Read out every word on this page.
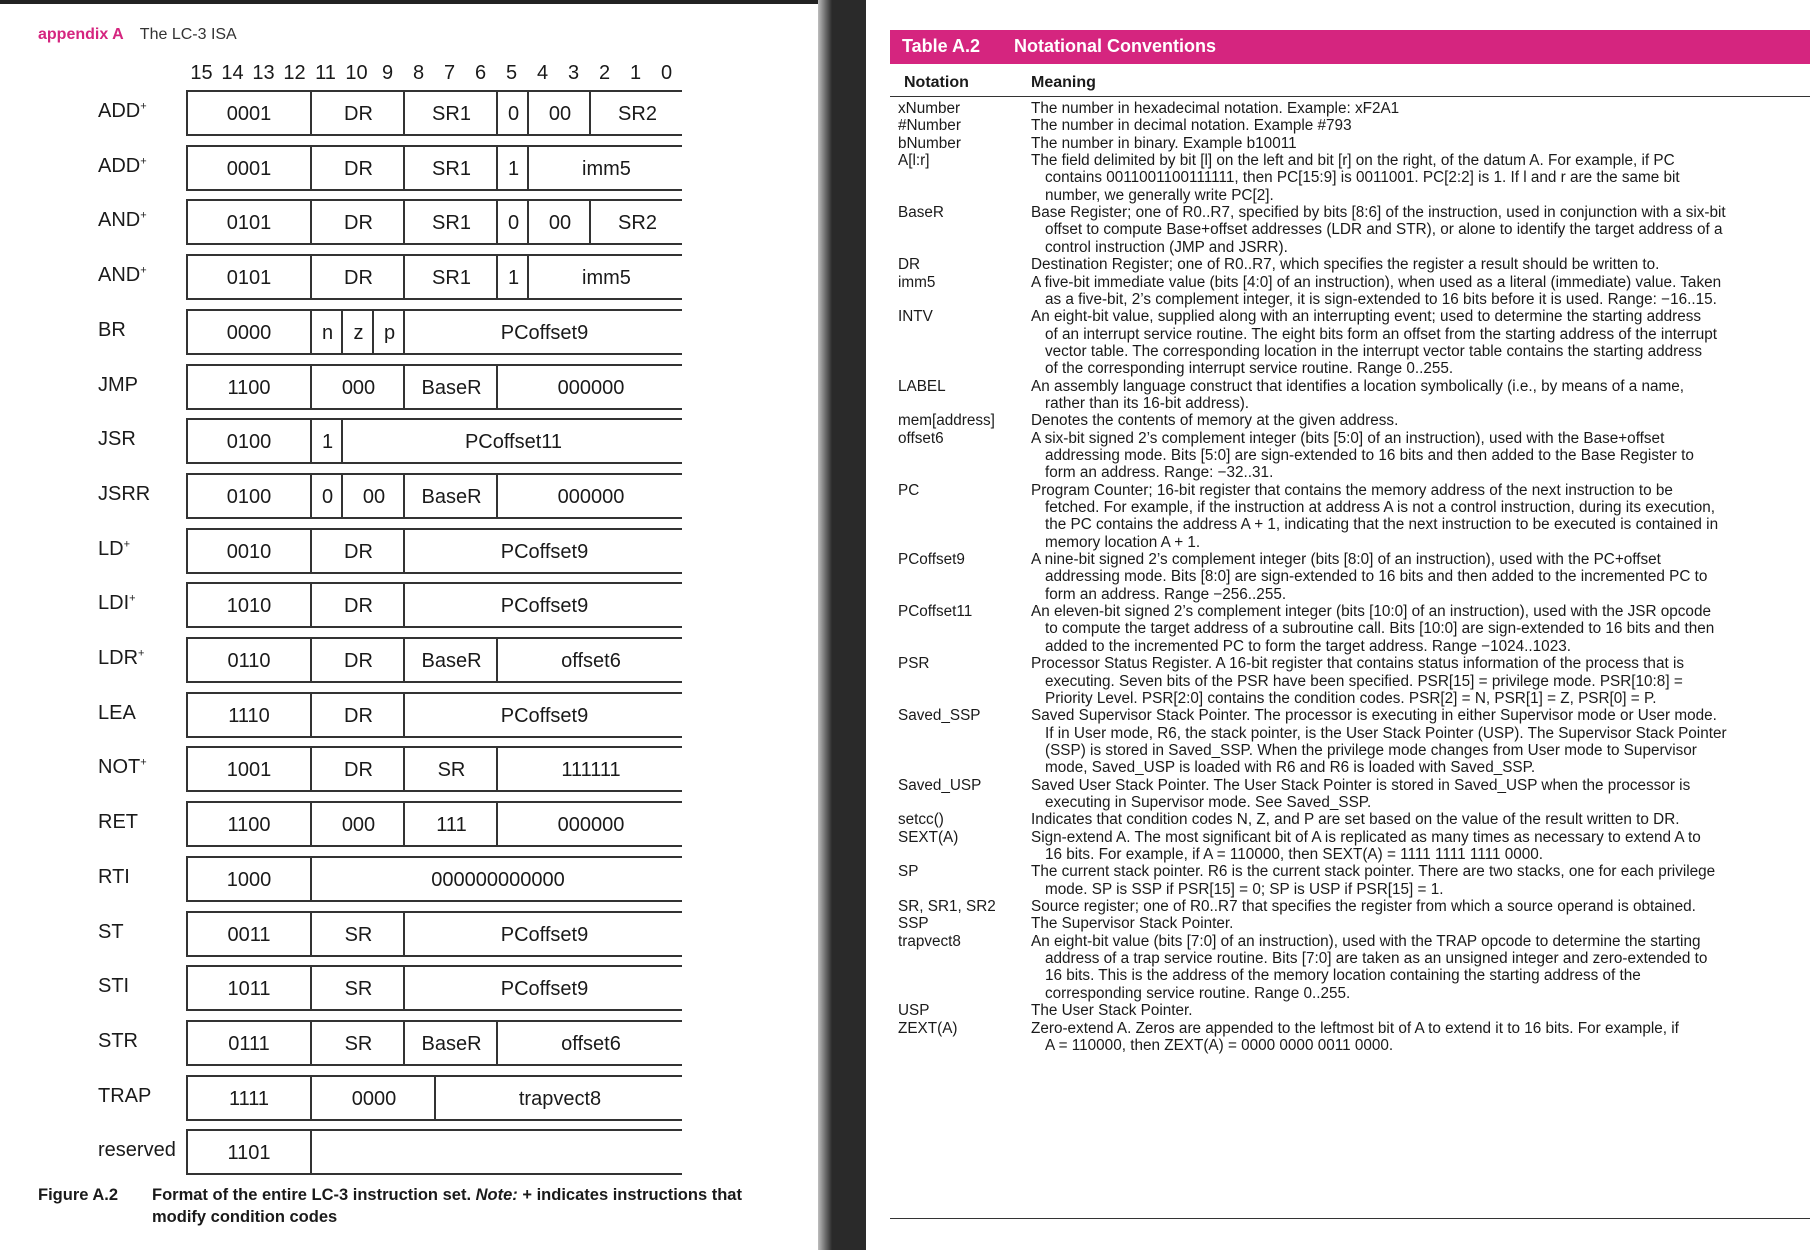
appendix A The LC-3 ISA
15 14 13 12 11 10 9 8 7 6 5 4 3 2 1 0
ADD+	0001	DR	SR1	0	00	SR2
ADD+	0001	DR	SR1	1	imm5
AND+	0101	DR	SR1	0	00	SR2
AND+	0101	DR	SR1	1	imm5
BR	0000	n	z	p	PCoffset9
JMP	1100	000	BaseR	000000
JSR	0100	1	PCoffset11
JSRR	0100	0	00	BaseR	000000
LD+	0010	DR	PCoffset9
LDI+	1010	DR	PCoffset9
LDR+	0110	DR	BaseR	offset6
LEA	1110	DR	PCoffset9
NOT+	1001	DR	SR	111111
RET	1100	000	111	000000
RTI	1000	000000000000
ST	0011	SR	PCoffset9
STI	1011	SR	PCoffset9
STR	0111	SR	BaseR	offset6
TRAP	1111	0000	trapvect8
reserved	1101
Figure A.2 Format of the entire LC-3 instruction set. Note: + indicates instructions that modify condition codes
Table A.2 Notational Conventions
Notation	Meaning
xNumber	The number in hexadecimal notation. Example: xF2A1
#Number	The number in decimal notation. Example #793
bNumber	The number in binary. Example b10011
A[l:r]	The field delimited by bit [l] on the left and bit [r] on the right, of the datum A. For example, if PC
contains 0011001100111111, then PC[15:9] is 0011001. PC[2:2] is 1. If l and r are the same bit
number, we generally write PC[2].
BaseR	Base Register; one of R0..R7, specified by bits [8:6] of the instruction, used in conjunction with a six-bit
offset to compute Base+offset addresses (LDR and STR), or alone to identify the target address of a
control instruction (JMP and JSRR).
DR	Destination Register; one of R0..R7, which specifies the register a result should be written to.
imm5	A five-bit immediate value (bits [4:0] of an instruction), when used as a literal (immediate) value. Taken
as a five-bit, 2’s complement integer, it is sign-extended to 16 bits before it is used. Range: −16..15.
INTV	An eight-bit value, supplied along with an interrupting event; used to determine the starting address
of an interrupt service routine. The eight bits form an offset from the starting address of the interrupt
vector table. The corresponding location in the interrupt vector table contains the starting address
of the corresponding interrupt service routine. Range 0..255.
LABEL	An assembly language construct that identifies a location symbolically (i.e., by means of a name,
rather than its 16-bit address).
mem[address]	Denotes the contents of memory at the given address.
offset6	A six-bit signed 2’s complement integer (bits [5:0] of an instruction), used with the Base+offset
addressing mode. Bits [5:0] are sign-extended to 16 bits and then added to the Base Register to
form an address. Range: −32..31.
PC	Program Counter; 16-bit register that contains the memory address of the next instruction to be
fetched. For example, if the instruction at address A is not a control instruction, during its execution,
the PC contains the address A + 1, indicating that the next instruction to be executed is contained in
memory location A + 1.
PCoffset9	A nine-bit signed 2’s complement integer (bits [8:0] of an instruction), used with the PC+offset
addressing mode. Bits [8:0] are sign-extended to 16 bits and then added to the incremented PC to
form an address. Range −256..255.
PCoffset11	An eleven-bit signed 2’s complement integer (bits [10:0] of an instruction), used with the JSR opcode
to compute the target address of a subroutine call. Bits [10:0] are sign-extended to 16 bits and then
added to the incremented PC to form the target address. Range −1024..1023.
PSR	Processor Status Register. A 16-bit register that contains status information of the process that is
executing. Seven bits of the PSR have been specified. PSR[15] = privilege mode. PSR[10:8] =
Priority Level. PSR[2:0] contains the condition codes. PSR[2] = N, PSR[1] = Z, PSR[0] = P.
Saved_SSP	Saved Supervisor Stack Pointer. The processor is executing in either Supervisor mode or User mode.
If in User mode, R6, the stack pointer, is the User Stack Pointer (USP). The Supervisor Stack Pointer
(SSP) is stored in Saved_SSP. When the privilege mode changes from User mode to Supervisor
mode, Saved_USP is loaded with R6 and R6 is loaded with Saved_SSP.
Saved_USP	Saved User Stack Pointer. The User Stack Pointer is stored in Saved_USP when the processor is
executing in Supervisor mode. See Saved_SSP.
setcc()	Indicates that condition codes N, Z, and P are set based on the value of the result written to DR.
SEXT(A)	Sign-extend A. The most significant bit of A is replicated as many times as necessary to extend A to
16 bits. For example, if A = 110000, then SEXT(A) = 1111 1111 1111 0000.
SP	The current stack pointer. R6 is the current stack pointer. There are two stacks, one for each privilege
mode. SP is SSP if PSR[15] = 0; SP is USP if PSR[15] = 1.
SR, SR1, SR2	Source register; one of R0..R7 that specifies the register from which a source operand is obtained.
SSP	The Supervisor Stack Pointer.
trapvect8	An eight-bit value (bits [7:0] of an instruction), used with the TRAP opcode to determine the starting
address of a trap service routine. Bits [7:0] are taken as an unsigned integer and zero-extended to
16 bits. This is the address of the memory location containing the starting address of the
corresponding service routine. Range 0..255.
USP	The User Stack Pointer.
ZEXT(A)	Zero-extend A. Zeros are appended to the leftmost bit of A to extend it to 16 bits. For example, if
A = 110000, then ZEXT(A) = 0000 0000 0011 0000.
